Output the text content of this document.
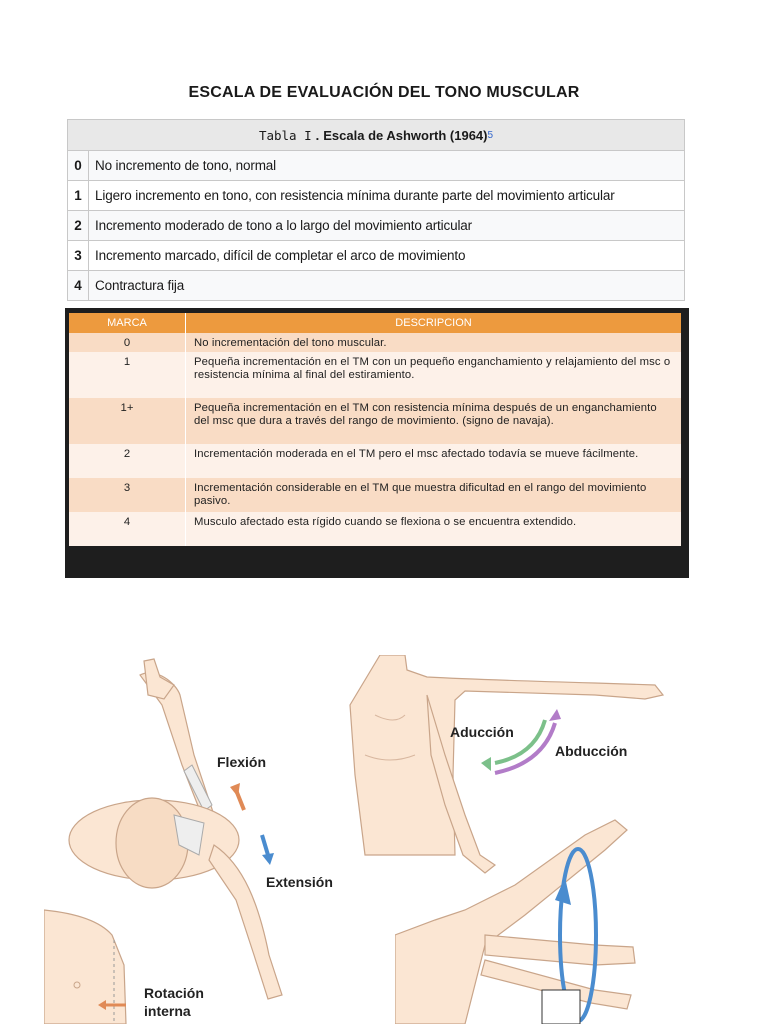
ESCALA DE EVALUACIÓN DEL TONO MUSCULAR
Tabla I . Escala de Ashworth (1964) 5
0 No incremento de tono, normal
1 Ligero incremento en tono, con resistencia mínima durante parte del movimiento articular
2 Incremento moderado de tono a lo largo del movimiento articular
3 Incremento marcado, difícil de completar el arco de movimiento
4 Contractura fija
MARCA	DESCRIPCION
0	No incrementación del tono muscular.
1	Pequeña incrementación en el TM con un pequeño enganchamiento y relajamiento del msc o resistencia mínima al final del estiramiento.
1+	Pequeña incrementación en el TM con resistencia mínima después de un enganchamiento del msc que dura a través del rango de movimiento. (signo de navaja).
2	Incrementación moderada en el TM pero el msc afectado todavía se mueve fácilmente.
3	Incrementación considerable en el TM que muestra dificultad en el rango del movimiento pasivo.
4	Musculo afectado esta rígido cuando se flexiona o se encuentra extendido.
Flexión
Extensión
Aducción
Abducción
Rotación
interna
